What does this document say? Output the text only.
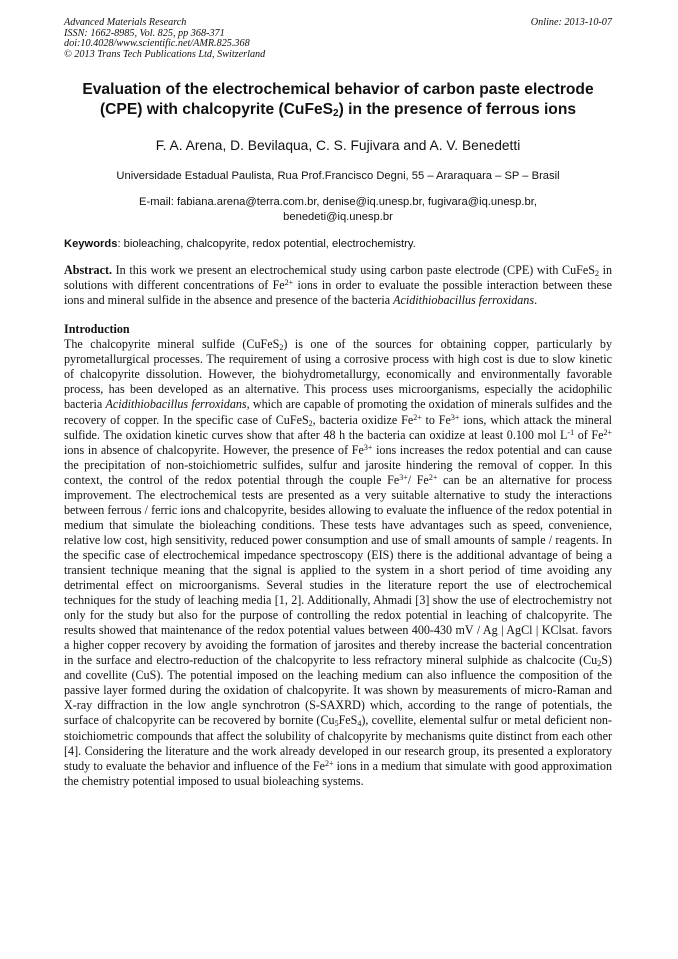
Advanced Materials Research
ISSN: 1662-8985, Vol. 825, pp 368-371
doi:10.4028/www.scientific.net/AMR.825.368
© 2013 Trans Tech Publications Ltd, Switzerland
Online: 2013-10-07
Evaluation of the electrochemical behavior of carbon paste electrode
(CPE) with chalcopyrite (CuFeS$_2$) in the presence of ferrous ions
F. A. Arena, D. Bevilaqua, C. S. Fujivara and A. V. Benedetti
Universidade Estadual Paulista, Rua Prof.Francisco Degni, 55 – Araraquara – SP – Brasil
E-mail: fabiana.arena@terra.com.br, denise@iq.unesp.br, fugivara@iq.unesp.br,
benedeti@iq.unesp.br
Keywords: bioleaching, chalcopyrite, redox potential, electrochemistry.
Abstract. In this work we present an electrochemical study using carbon paste electrode (CPE) with CuFeS$_2$ in solutions with different concentrations of $Fe^{2+}$ ions in order to evaluate the possible interaction between these ions and mineral sulfide in the absence and presence of the bacteria Acidithiobacillus ferroxidans.
Introduction

The chalcopyrite mineral sulfide (CuFeS$_2$) is one of the sources for obtaining copper, particularly by pyrometallurgical processes. The requirement of using a corrosive process with high cost is due to slow kinetic of chalcopyrite dissolution. However, the biohydrometallurgy, economically and environmentally favorable process, has been developed as an alternative. This process uses microorganisms, especially the acidophilic bacteria Acidithiobacillus ferroxidans, which are capable of promoting the oxidation of minerals sulfides and the recovery of copper. In the specific case of CuFeS$_2$, bacteria oxidize $Fe^{2+}$ to $Fe^{3+}$ ions, which attack the mineral sulfide. The oxidation kinetic curves show that after 48 h the bacteria can oxidize at least 0.100 mol $L^{-1}$ of $Fe^{2+}$ ions in absence of chalcopyrite. However, the presence of $Fe^{3+}$ ions increases the redox potential and can cause the precipitation of non-stoichiometric sulfides, sulfur and jarosite hindering the removal of copper. In this context, the control of the redox potential through the couple $Fe^{3+}/$ $Fe^{2+}$ can be an alternative for process improvement. The electrochemical tests are presented as a very suitable alternative to study the interactions between ferrous / ferric ions and chalcopyrite, besides allowing to evaluate the influence of the redox potential in medium that simulate the bioleaching conditions. These tests have advantages such as speed, convenience, relative low cost, high sensitivity, reduced power consumption and use of small amounts of sample / reagents. In the specific case of electrochemical impedance spectroscopy (EIS) there is the additional advantage of being a transient technique meaning that the signal is applied to the system in a short period of time avoiding any detrimental effect on microorganisms. Several studies in the literature report the use of electrochemical techniques for the study of leaching media [1, 2]. Additionally, Ahmadi [3] show the use of electrochemistry not only for the study but also for the purpose of controlling the redox potential in leaching of chalcopyrite. The results showed that maintenance of the redox potential values between 400-430 mV / Ag | AgCl | KClsat. favors a higher copper recovery by avoiding the formation of jarosites and thereby increase the bacterial concentration in the surface and electro-reduction of the chalcopyrite to less refractory mineral sulphide as chalcocite $(Cu_2S)$ and covellite (CuS). The potential imposed on the leaching medium can also influence the composition of the passive layer formed during the oxidation of chalcopyrite. It was shown by measurements of micro-Raman and X-ray diffraction in the low angle synchrotron (S-SAXRD) which, according to the range of potentials, the surface of chalcopyrite can be recovered by bornite $(Cu_5FeS_4)$, covellite, elemental sulfur or metal deficient non-stoichiometric compounds that affect the solubility of chalcopyrite by mechanisms quite distinct from each other [4]. Considering the literature and the work already developed in our research group, its presented a exploratory study to evaluate the behavior and influence of the $Fe^{2+}$ ions in a medium that simulate with good approximation the chemistry potential imposed to usual bioleaching systems.
